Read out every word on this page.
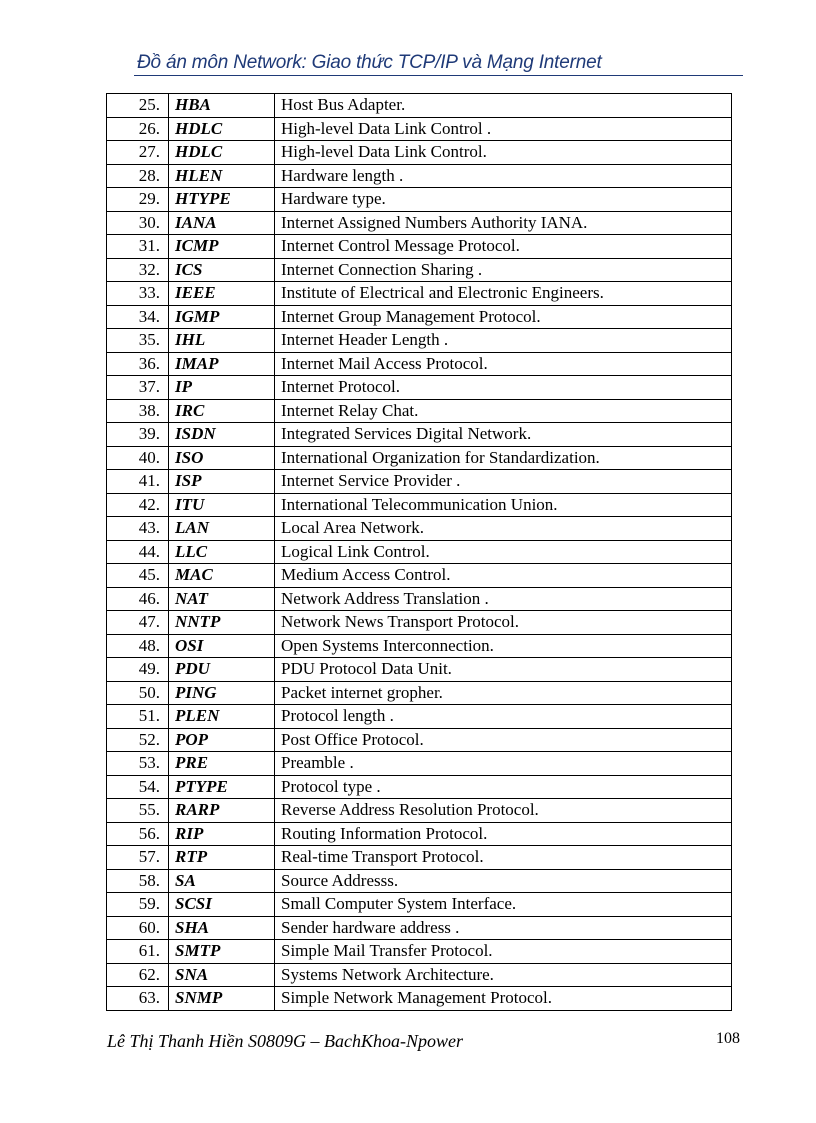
Đồ án môn Network: Giao thức TCP/IP và Mạng Internet
25.	HBA	Host Bus Adapter.
26.	HDLC	High-level Data Link Control .
27.	HDLC	High-level Data Link Control.
28.	HLEN	Hardware length .
29.	HTYPE	Hardware type.
30.	IANA	Internet Assigned Numbers Authority IANA.
31.	ICMP	Internet Control Message Protocol.
32.	ICS	Internet Connection Sharing .
33.	IEEE	Institute of Electrical and Electronic Engineers.
34.	IGMP	Internet Group Management Protocol.
35.	IHL	Internet Header Length .
36.	IMAP	Internet Mail Access Protocol.
37.	IP	Internet Protocol.
38.	IRC	Internet Relay Chat.
39.	ISDN	Integrated Services Digital Network.
40.	ISO	International Organization for Standardization.
41.	ISP	Internet Service Provider .
42.	ITU	International Telecommunication Union.
43.	LAN	Local Area Network.
44.	LLC	Logical Link Control.
45.	MAC	Medium Access Control.
46.	NAT	Network Address Translation .
47.	NNTP	Network News Transport Protocol.
48.	OSI	Open Systems Interconnection.
49.	PDU	PDU Protocol Data Unit.
50.	PING	Packet internet gropher.
51.	PLEN	Protocol length .
52.	POP	Post Office Protocol.
53.	PRE	Preamble .
54.	PTYPE	Protocol type .
55.	RARP	Reverse Address Resolution Protocol.
56.	RIP	Routing Information Protocol.
57.	RTP	Real-time Transport Protocol.
58.	SA	Source Addresss.
59.	SCSI	Small Computer System Interface.
60.	SHA	Sender hardware address .
61.	SMTP	Simple Mail Transfer Protocol.
62.	SNA	Systems Network Architecture.
63.	SNMP	Simple Network Management Protocol.
Lê Thị Thanh Hiền S0809G – BachKhoa-Npower	108
